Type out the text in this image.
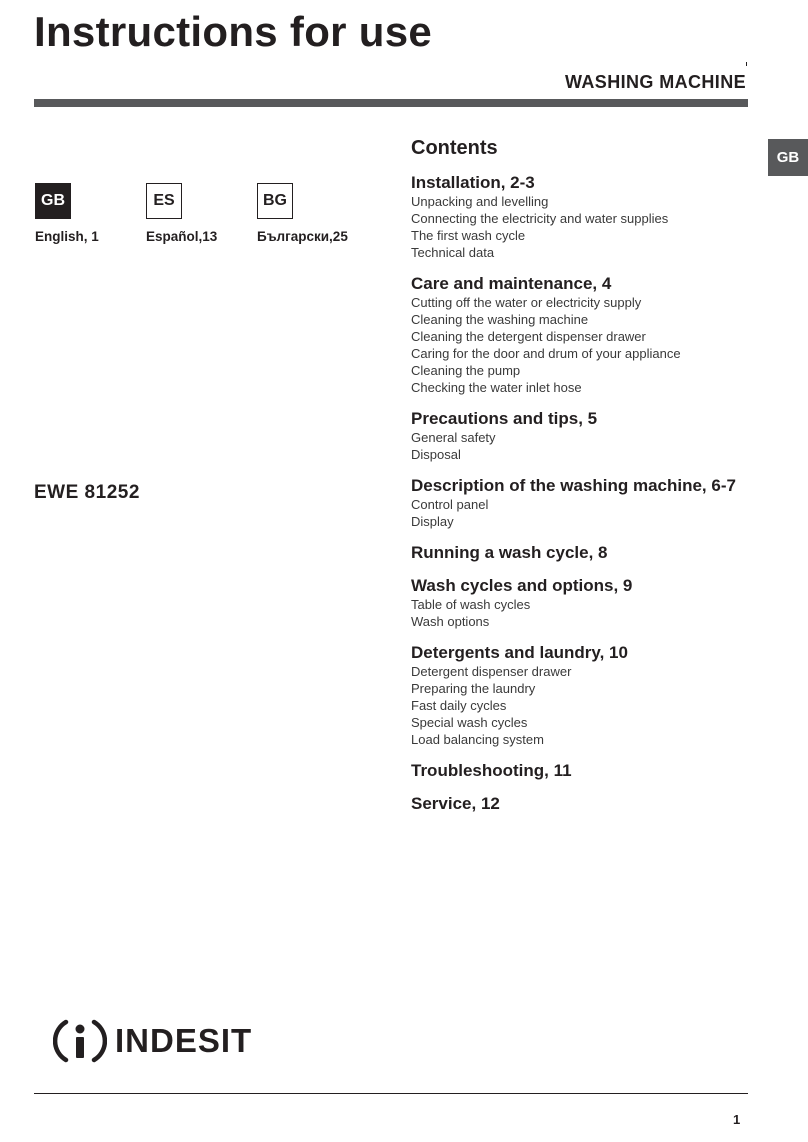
Instructions for use
WASHING MACHINE
GB
GB
English, 1
ES
Español,13
BG
Български,25
EWE 81252
Contents
Installation, 2-3
Unpacking and levelling
Connecting the electricity and water supplies
The first wash cycle
Technical data
Care and maintenance, 4
Cutting off the water or electricity supply
Cleaning the washing machine
Cleaning the detergent dispenser drawer
Caring for the door and drum of your appliance
Cleaning the pump
Checking the water inlet hose
Precautions and tips, 5
General safety
Disposal
Description of the washing machine, 6-7
Control panel
Display
Running a wash cycle, 8
Wash cycles and options, 9
Table of wash cycles
Wash options
Detergents and laundry, 10
Detergent dispenser drawer
Preparing the laundry
Fast daily cycles
Special wash cycles
Load balancing system
Troubleshooting, 11
Service, 12
INDESIT
1
